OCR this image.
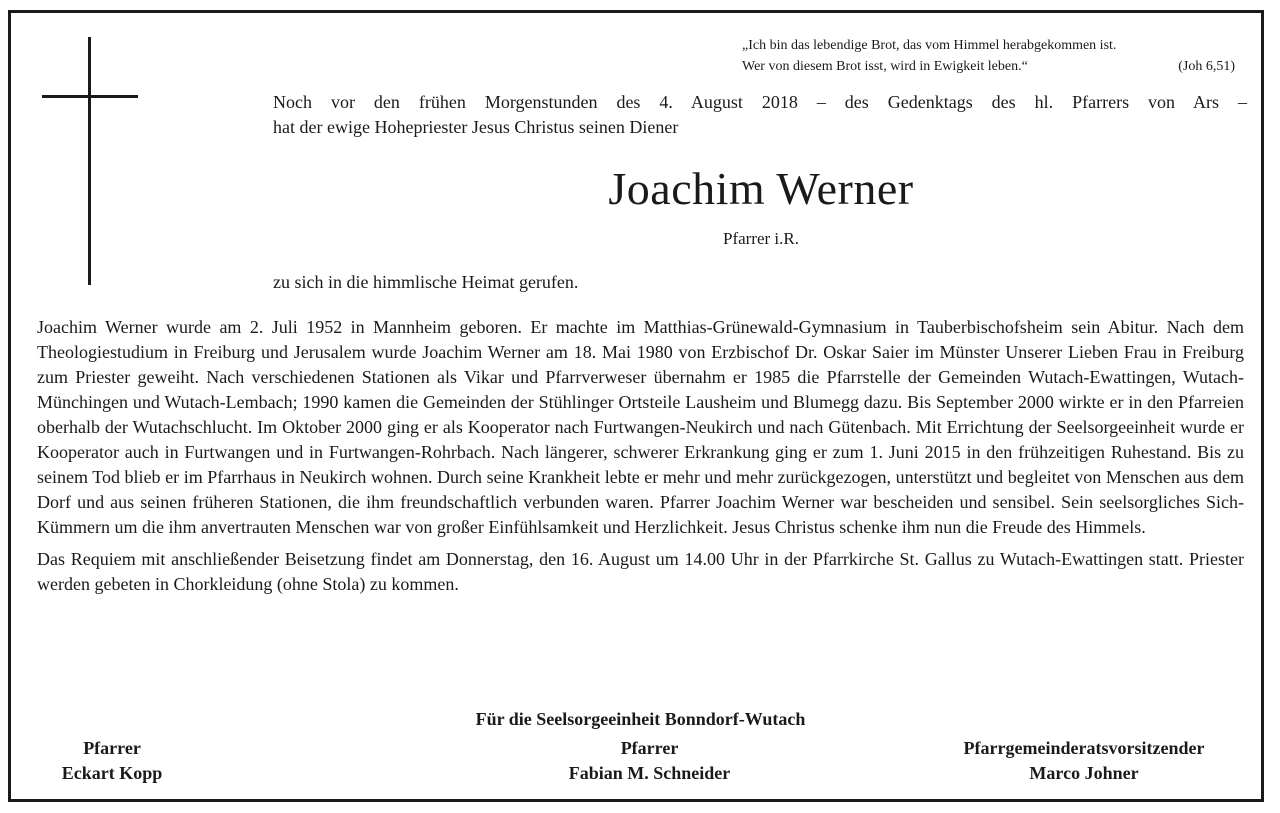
„Ich bin das lebendige Brot, das vom Himmel herabgekommen ist.
Wer von diesem Brot isst, wird in Ewigkeit leben.“	(Joh 6,51)

Noch vor den frühen Morgenstunden des 4. August 2018 – des Gedenktags des hl. Pfarrers von Ars –

hat der ewige Hohepriester Jesus Christus seinen Diener

Joachim Werner
Pfarrer i.R.
zu sich in die himmlische Heimat gerufen.

Joachim Werner wurde am 2. Juli 1952 in Mannheim geboren. Er machte im Matthias-Grünewald-Gymnasium in Tauberbischofsheim sein Abitur. Nach dem Theologiestudium in Freiburg und Jerusalem wurde Joachim Werner am 18. Mai 1980 von Erzbischof Dr. Oskar Saier im Münster Unserer Lieben Frau in Freiburg zum Priester geweiht. Nach verschiedenen Stationen als Vikar und Pfarrverweser übernahm er 1985 die Pfarrstelle der Gemeinden Wutach-Ewattingen, Wutach-Münchingen und Wutach-Lembach; 1990 kamen die Gemeinden der Stühlinger Ortsteile Lausheim und Blumegg dazu. Bis September 2000 wirkte er in den Pfarreien oberhalb der Wutachschlucht. Im Oktober 2000 ging er als Kooperator nach Furtwangen-Neukirch und nach Gütenbach. Mit Errichtung der Seelsorgeeinheit wurde er Kooperator auch in Furtwangen und in Furtwangen-Rohrbach. Nach längerer, schwerer Erkrankung ging er zum 1. Juni 2015 in den frühzeitigen Ruhestand. Bis zu seinem Tod blieb er im Pfarrhaus in Neukirch wohnen. Durch seine Krankheit lebte er mehr und mehr zurückgezogen, unterstützt und begleitet von Menschen aus dem Dorf und aus seinen früheren Stationen, die ihm freundschaftlich verbunden waren. Pfarrer Joachim Werner war bescheiden und sensibel. Sein seelsorgliches Sich-Kümmern um die ihm anvertrauten Menschen war von großer Einfühlsamkeit und Herzlichkeit. Jesus Christus schenke ihm nun die Freude des Himmels.

Das Requiem mit anschließender Beisetzung findet am Donnerstag, den 16. August um 14.00 Uhr in der Pfarrkirche St. Gallus zu Wutach-Ewattingen statt. Priester werden gebeten in Chorkleidung (ohne Stola) zu kommen.

Für die Seelsorgeeinheit Bonndorf-Wutach
Pfarrer
Eckart Kopp
Pfarrer
Fabian M. Schneider
Pfarrgemeinderatsvorsitzender
Marco Johner
